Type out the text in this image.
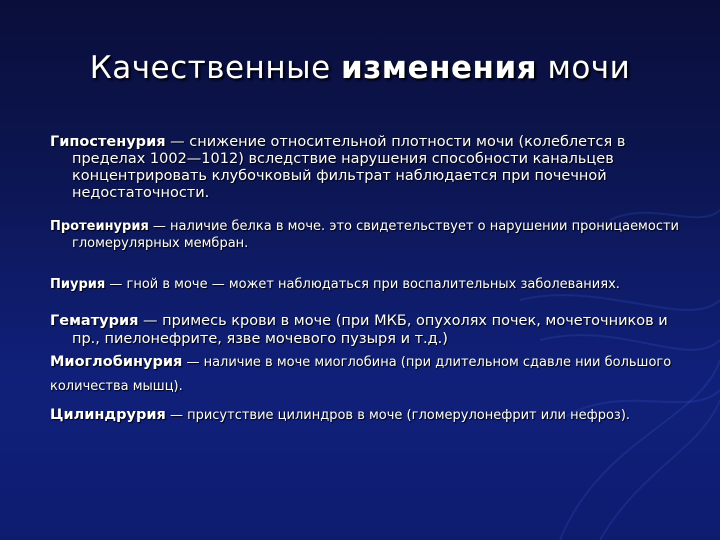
Качественные изменения мочи

Гипостенурия — снижение относительной плотности мочи (колеблется в пределах 1002—1012) вследствие нарушения способности канальцев концентрировать клубочковый фильтрат наблюдается при почечной недостаточности.

Протеинурия — наличие белка в моче. это свидетельствует о нарушении проницаемости гломерулярных мембран.

Пиурия — гной в моче — может наблюдаться при воспалительных заболеваниях.

Гематурия — примесь крови в моче (при МКБ, опухолях почек, мочеточников и пр., пиелонефрите, язве мочевого пузыря и т.д.)

Миоглобинурия — наличие в моче миоглобина (при длительном сдавле нии большого количества мышц).

Цилиндрурия — присутствие цилиндров в моче (гломерулонефрит или нефроз).
